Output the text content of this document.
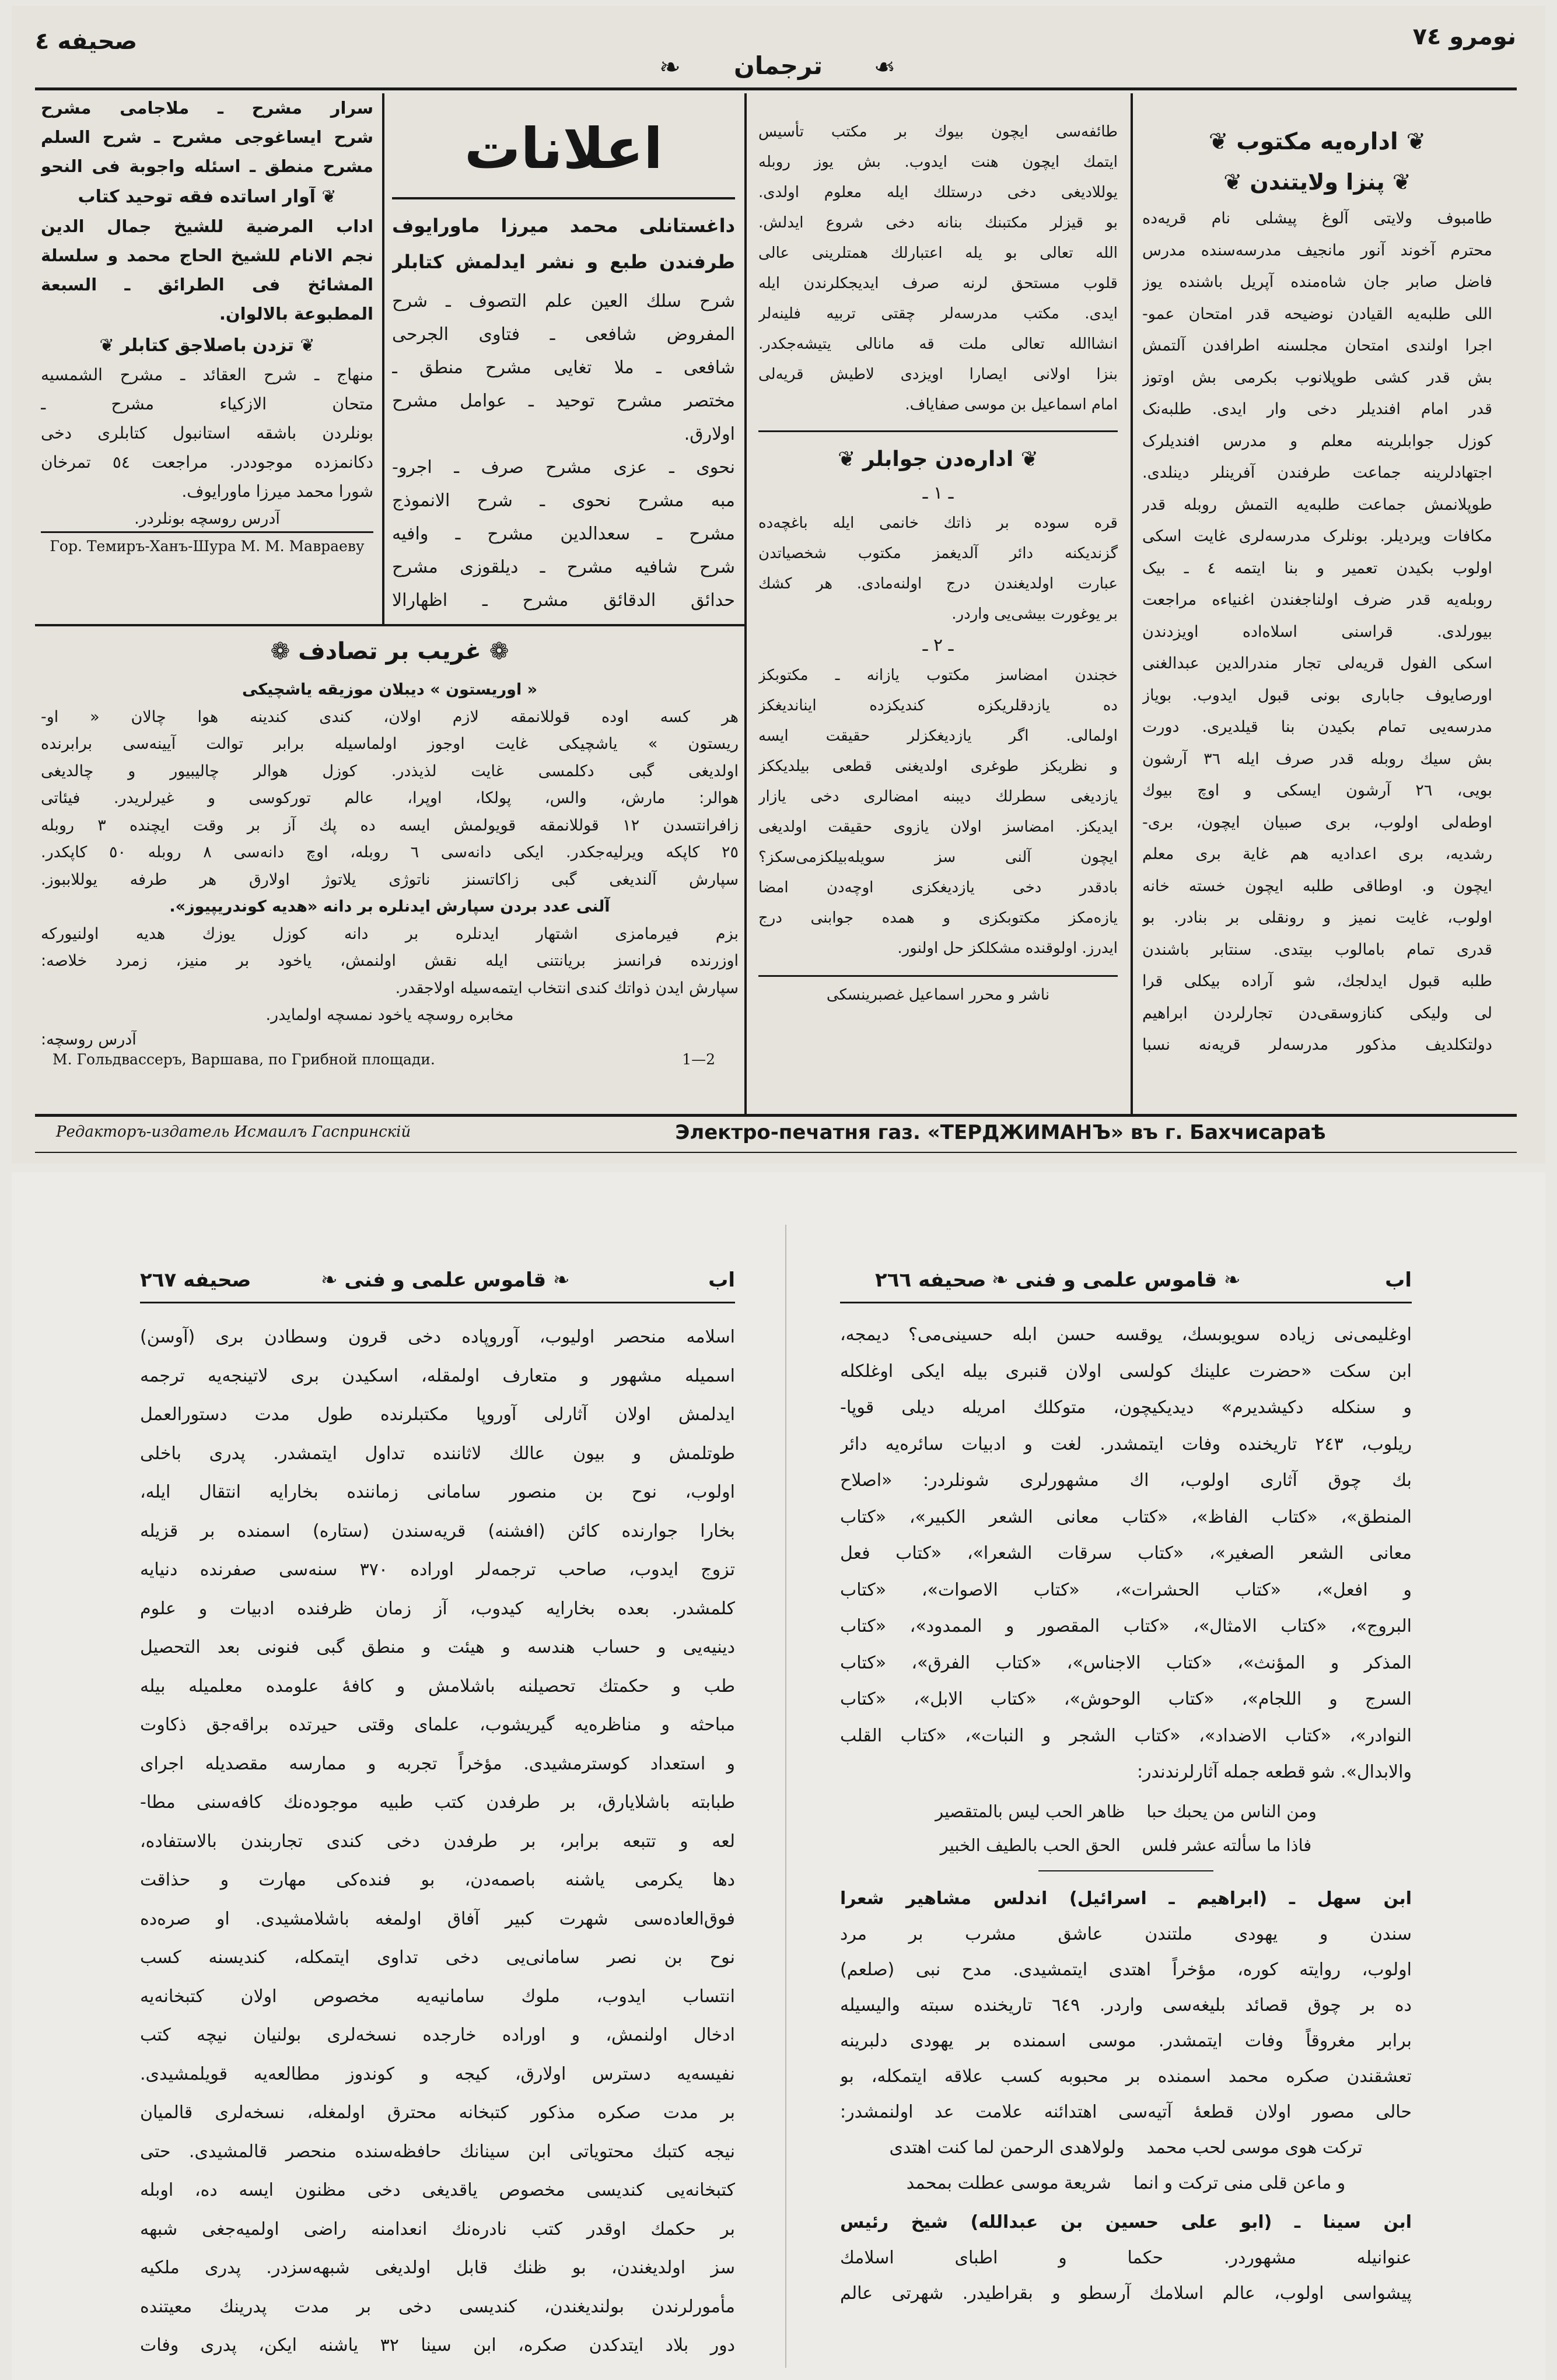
نومرو ٧٤
ترجمان
❧	❧
صحیفه ٤
❦ اداره‌یه مکتوب ❦
❦ پنزا ولایتندن ❦
طامبوف ولایتی آلوغ پیشلی نام قریه‌ده
محترم آخوند آنور مانجیف مدرسه‌سنده مدرس
فاضل صابر جان شاه‌منده آپریل باشنده یوز
اللی طلبه‌یه القیادن نوضیحه قدر امتحان عمو-
اجرا اولندی امتحان مجلسنه اطرافدن آلتمش
بش قدر کشی طوپلانوب بکرمی بش اوتوز
قدر امام افندیلر دخی وار ایدی. طلبه‌نک
کوزل جوابلرینه معلم و مدرس افندیلرک
اجتهادلرینه جماعت طرفندن آفرینلر دینلدی.
طوپلانمش جماعت طلبه‌یه التمش روبله قدر
مکافات ویردیلر. بونلرک مدرسه‌لری غایت اسکی
اولوب بکیدن تعمیر و بنا ایتمه ٤ ـ بیک
روبله‌یه قدر ضرف اولناجغندن اغنیاءه مراجعت
بیورلدی. قراسنی اسلاه‌اده اویزدندن
اسکی الفول قریه‌لی تجار مندرالدین عبدالغنی
اورصایوف جاباری بونی قبول ایدوب. بویاز
مدرسه‌یی تمام بکیدن بنا قیلدیری. دورت
بش سیك روبله قدر صرف ایله ٣٦ آرشون
بویی، ٢٦ آرشون ایسکی و اوچ بیوك
اوطه‌لی اولوب، بری صبیان ایچون، بری-
رشدیه، بری اعدادیه هم غایة بری معلم
ایچون و. اوطاقی طلبه ایچون خسته خانه
اولوب، غایت نمیز و رونقلی بر بنادر. بو
قدری تمام بامالوب بیتدی. سنتابر باشندن
طلبه قبول ایدلجك، شو آراده بیکلی قرا
لی ولیکی کنازوسقی‌دن تجارلردن ابراهیم
دولتکلدیف مذکور مدرسه‌لر قریه‌نه نسبا
طائفه‌سی ایچون بیوك بر مکتب تأسیس
ایتمك ایچون هنت ایدوب. بش یوز روبله
یوللادیغی دخی درستلك ایله معلوم اولدی.
بو قیزلر مکتبنك بنانه دخی شروع ایدلش.
الله تعالی بو یله اعتبارلك همتلرینی عالی
قلوب مستحق لرنه صرف ایدیجکلرندن ایله
ایدی. مکتب مدرسه‌لر چقتی تربیه فلینه‌لر
انشاالله تعالی ملت قه مانالی یتیشه‌جکدر.
بنزا اولانی ایصارا اویزدی لاطیش قریه‌لی
امام اسماعیل بن موسی صفایاف.
❦ اداره‌دن جوابلر ❦
ـ ١ ـ
قره سوده بر ذاتك خانمی ایله باغچه‌ده
گزندیکنه دائر آلدیغمز مکتوب شخصیاتدن
عبارت اولدیغندن درج اولنه‌مادی. هر کشك
بر یوغورت بیشی‌یی واردر.
ـ ٢ ـ
خجندن امضاسز مکتوب یازانه ـ مکتوبکز
ده یازدقلریکزه کندیکزده ایناندیغکز
اولمالی. اگر یازدیغکزلر حقیقت ایسه
و نظریکز طوغری اولدیغنی قطعی بیلدیککز
یازدیغی سطرلك دیبنه امضالری دخی یازار
ایدیکز. امضاسز اولان یازوی حقیقت اولدیغی
ایچون آلنی سز سویله‌بیلکزمی‌سکز؟
بادقدر دخی یازدیغکزی اوچه‌دن امضا
یازه‌مکز مکتوبکزی و همده جوابنی درج
ایدرز. اولوقنده مشکلکز حل اولنور.
ناشر و محرر اسماعیل غصبرینسکی
اعلانات
داغستانلی محمد میرزا ماورایوف
طرفندن طبع و نشر ایدلمش کتابلر
شرح سلك العین علم التصوف ـ شرح
المفروض شافعی ـ فتاوی الجرحی
شافعی ـ ملا تغایی مشرح منطق ـ
مختصر مشرح توحید ـ عوامل مشرح
اولارق.
نحوی ـ عزی مشرح صرف ـ اجرو-
مبه مشرح نحوی ـ شرح الانموذج
مشرح ـ سعدالدین مشرح ـ وافیه
شرح شافیه مشرح ـ دیلقوزی مشرح
حدائق الدقائق مشرح ـ اظهارالا
سرار مشرح ـ ملاجامی مشرح
شرح ایساغوجی مشرح ـ شرح السلم
مشرح منطق ـ اسئله واجوبة فی النحو
❦ آوار اساتده فقه توحید کتاب
اداب المرضیة للشیخ جمال الدین
نجم الانام للشیخ الحاج محمد و سلسلة
المشائخ فی الطرائق ـ السبعة
المطبوعة بالالوان.
❦ تزدن باصلاجق کتابلر ❦
منهاج ـ شرح العقائد ـ مشرح الشمسیه
متحان الازکیاء مشرح ـ
بونلردن باشقه استانبول کتابلری دخی
دکانمزده موجوددر. مراجعت ٥٤ تمرخان
شورا محمد میرزا ماورایوف.
آدرس روسچه بونلردر.
Гор. Темиръ-Ханъ-Шура М. М. Маврaеву
❁ غریب بر تصادف ❁
« اوریستون » دیبلان موزیقه یاشچیکی
هر کسه اوده قوللانمقه لازم اولان، کندی کندینه هوا چالان « او-
ریستون » یاشچیکی غایت اوجوز اولماسیله برابر توالت آیینه‌سی برابرنده
اولدیغی گبی دکلمسی غایت لذیذدر. کوزل هوالر چالیبیور و چالدیغی
هوالر: مارش، والس، پولکا، اوپرا، عالم تورکوسی و غیرلریدر. فیئاتی
زافرانتسدن ١٢ قوللانمقه قویولمش ایسه ده پك آز بر وقت ایچنده ٣ روبله
٢٥ کاپکه ویرلیه‌جکدر. ایکی دانه‌سی ٦ روبله، اوچ دانه‌سی ٨ روبله ٥٠ کاپکدر.
سپارش آلندیغی گبی زاکاتسنز ناتوژی یلاتوژ اولارق هر طرفه یوللاببوز.
آلنی عدد بردن سپارش ایدنلره بر دانه «هدیه کوندریپیوز».
بزم فیرمامزی اشتهار ایدنلره بر دانه کوزل یوزك هدیه اولنیورکه
اوزرنده فرانسز بریانتنی ایله نقش اولنمش، یاخود بر منیز، زمرد خلاصه:
سپارش ایدن ذواتك کندی انتخاب ایتمه‌سیله اولاجقدر.
مخابره روسچه یاخود نمسچه اولمایدر.
آدرس روسچه:
М. Гольдвассеръ, Варшава, по Грибной площади.	1—2
Редакторъ-издатель Исмаилъ Гаспринскiй	Электро-печатня газ. «ТЕРДЖИМАНЪ» въ г. Бахчисараѣ
اب
❧ قاموس علمی و فنی ❧
صحیفه ٢٦٧
اسلامه منحصر اولیوب، آوروپاده دخی قرون وسطادن بری (آوسن)
اسمیله مشهور و متعارف اولمقله، اسکیدن بری لاتینجه‌یه ترجمه
ایدلمش اولان آثارلی آوروپا مکتبلرنده طول مدت دستورالعمل
طوتلمش و بیون عالك لاثاننده تداول ایتمشدر. پدری باخلی
اولوب، نوح بن منصور سامانی زماننده بخارایه انتقال ایله،
بخارا جوارنده کائن (افشنه) قریه‌سندن (ستاره) اسمنده بر قزیله
تزوج ایدوب، صاحب ترجمه‌لر اوراده ٣٧٠ سنه‌سی صفرنده دنیایه
کلمشدر. بعده بخارایه کیدوب، آز زمان ظرفنده ادبیات و علوم
دینیه‌یی و حساب هندسه و هیئت و منطق گبی فنونی بعد التحصیل
طب و حکمتك تحصیلنه باشلامش و کافهٔ علومده معلمیله بیله
مباحثه و مناظره‌یه گیریشوب، علمای وقتی حیرتده براقه‌جق ذکاوت
و استعداد کوسترمشیدی. مؤخراً تجربه و ممارسه مقصدیله اجرای
طبابته باشلایارق، بر طرفدن کتب طبیه موجوده‌نك کافه‌سنی مطا-
لعه و تتبعه برابر، بر طرفدن دخی کندی تجاربندن بالاستفاده،
دها یکرمی یاشنه باصمه‌دن، بو فنده‌کی مهارت و حذاقت
فوق‌العاده‌سی شهرت کبیر آفاق اولمغه باشلامشیدی. او صره‌ده
نوح بن نصر سامانی‌یی دخی تداوی ایتمکله، کندیسنه کسب
انتساب ایدوب، ملوك سامانیه‌یه مخصوص اولان کتبخانه‌یه
ادخال اولنمش، و اوراده خارجده نسخه‌لری بولنیان نیچه کتب
نفیسه‌یه دسترس اولارق، کیجه و کوندوز مطالعه‌یه قویلمشیدی.
بر مدت صکره مذکور کتبخانه محترق اولمغله، نسخه‌لری قالمیان
نیجه کتبك محتویاتی ابن سینانك حافظه‌سنده منحصر قالمشیدی. حتی
کتبخانه‌یی کندیسی مخصوص یاقدیغی دخی مظنون ایسه ده، اوبله
بر حکمك اوقدر کتب نادره‌نك انعدامنه راضی اولمیه‌جغی شبهه
سز اولدیغندن، بو ظنك قابل اولدیغی شبهه‌سزدر. پدری ملکیه
مأمورلرندن بولندیغندن، کندیسی دخی بر مدت پدرینك معیتنده
دور بلاد ایتدکدن صکره، ابن سینا ٣٢ یاشنه ایکن، پدری وفات
اب
❧ قاموس علمی و فنی ❧
صحیفه ٢٦٦
اوغلیمی‌نی زیاده سویوبسك، یوقسه حسن ابله حسینی‌می؟ دیمجه،
ابن سکت «حضرت علینك کولسی اولان قنبری بیله ایکی اوغلکله
و سنکله دکیشدیرم» دیدیکیچون، متوکلك امریله دیلی قوپا-
ریلوب، ٢٤٣ تاریخنده وفات ایتمشدر. لغت و ادبیات سائره‌یه دائر
بك چوق آثاری اولوب، اك مشهورلری شونلردر: «اصلاح
المنطق»، «کتاب الفاظ»، «کتاب معانی الشعر الکبیر»، «کتاب
معانی الشعر الصغیر»، «کتاب سرقات الشعرا»، «کتاب فعل
و افعل»، «کتاب الحشرات»، «کتاب الاصوات»، «کتاب
البروج»، «کتاب الامثال»، «کتاب المقصور و الممدود»، «کتاب
المذکر و المؤنث»، «کتاب الاجناس»، «کتاب الفرق»، «کتاب
السرج و اللجام»، «کتاب الوحوش»، «کتاب الابل»، «کتاب
النوادر»، «کتاب الاضداد»، «کتاب الشجر و النبات»، «کتاب القلب
والابدال». شو قطعه جمله آثارلرندندر:
ومن الناس من یحبك حبا    ظاهر الحب لیس بالمتقصیر
فاذا ما سألته عشر فلس    الحق الحب بالطیف الخبیر
ابن سهل ـ (ابراهیم ـ اسرائیل) اندلس مشاهیر شعرا
سندن و یهودی ملتندن عاشق مشرب بر مرد
اولوب، روایته کوره، مؤخراً اهتدی ایتمشیدی. مدح نبی (صلعم)
ده بر چوق قصائد بلیغه‌سی واردر. ٦٤٩ تاریخنده سبته والیسیله
برابر مغروقاً وفات ایتمشدر. موسی اسمنده بر یهودی دلبرینه
تعشقندن صکره محمد اسمنده بر محبوبه کسب علاقه ایتمکله، بو
حالی مصور اولان قطعهٔ آتیه‌سی اهتدائنه علامت عد اولنمشدر:
ترکت هوی موسی لحب محمد    ولولاهدی الرحمن لما کنت اهتدی
و ماعن قلی منی ترکت و انما    شریعة موسی عطلت بمحمد
ابن سینا ـ (ابو علی حسین بن عبدالله) شیخ رئیس
عنوانیله مشهوردر. حکما و اطبای اسلامك
پیشواسی اولوب، عالم اسلامك آرسطو و بقراطیدر. شهرتی عالم
